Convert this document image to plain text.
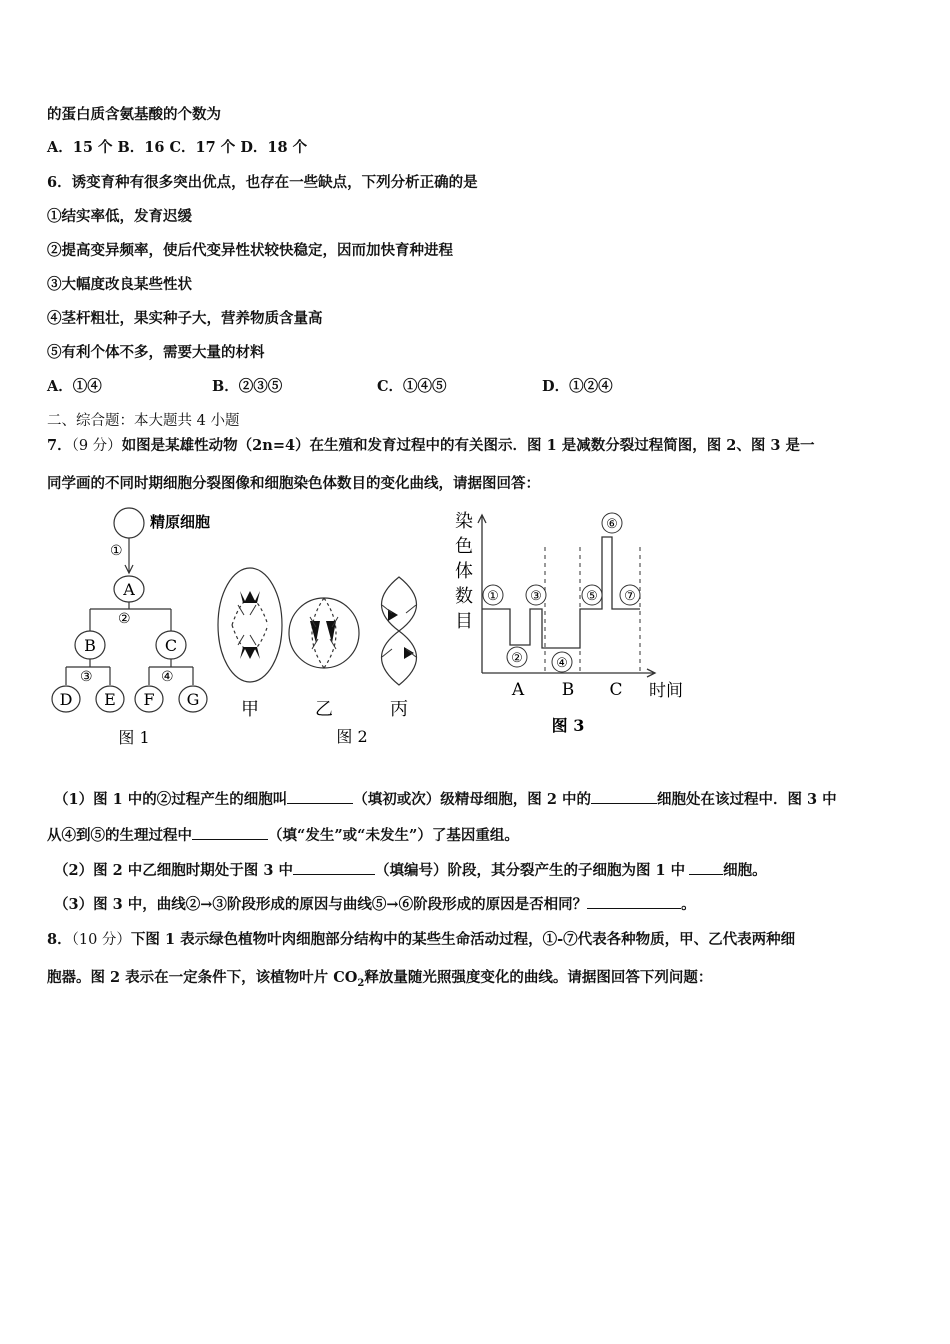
的蛋白质含氨基酸的个数为
A．15 个 B．16 C．17 个 D．18 个
6．诱变育种有很多突出优点，也存在一些缺点，下列分析正确的是
①结实率低，发育迟缓
②提高变异频率，使后代变异性状较快稳定，因而加快育种进程
③大幅度改良某些性状
④茎杆粗壮，果实种子大，营养物质含量高
⑤有利个体不多，需要大量的材料
A．①④	B．②③⑤	C．①④⑤	D．①②④
二、综合题：本大题共 4 小题
7．（9 分）如图是某雄性动物（2n=4）在生殖和发育过程中的有关图示．图 1 是减数分裂过程简图，图 2、图 3 是一
同学画的不同时期细胞分裂图像和细胞染色体数目的变化曲线，请据图回答：
精原细胞
①
②
③	④
A
B	C
D E F G
图 1
甲	乙	丙
图 2
染
色
体
数
目
①
②
③
④
⑤
⑥
⑦
A B C 时间
图 3
（1）图 1 中的②过程产生的细胞叫	（填初或次）级精母细胞，图 2 中的	细胞处在该过程中．图 3 中
从④到⑤的生理过程中	（填“发生”或“未发生”）了基因重组。
（2）图 2 中乙细胞时期处于图 3 中	（填编号）阶段，其分裂产生的子细胞为图 1 中	细胞。
（3）图 3 中，曲线②→③阶段形成的原因与曲线⑤→⑥阶段形成的原因是否相同？	。
8．（10 分）下图 1 表示绿色植物叶肉细胞部分结构中的某些生命活动过程，①-⑦代表各种物质，甲、乙代表两种细
胞器。图 2 表示在一定条件下，该植物叶片 $CO_2$释放量随光照强度变化的曲线。请据图回答下列问题：
